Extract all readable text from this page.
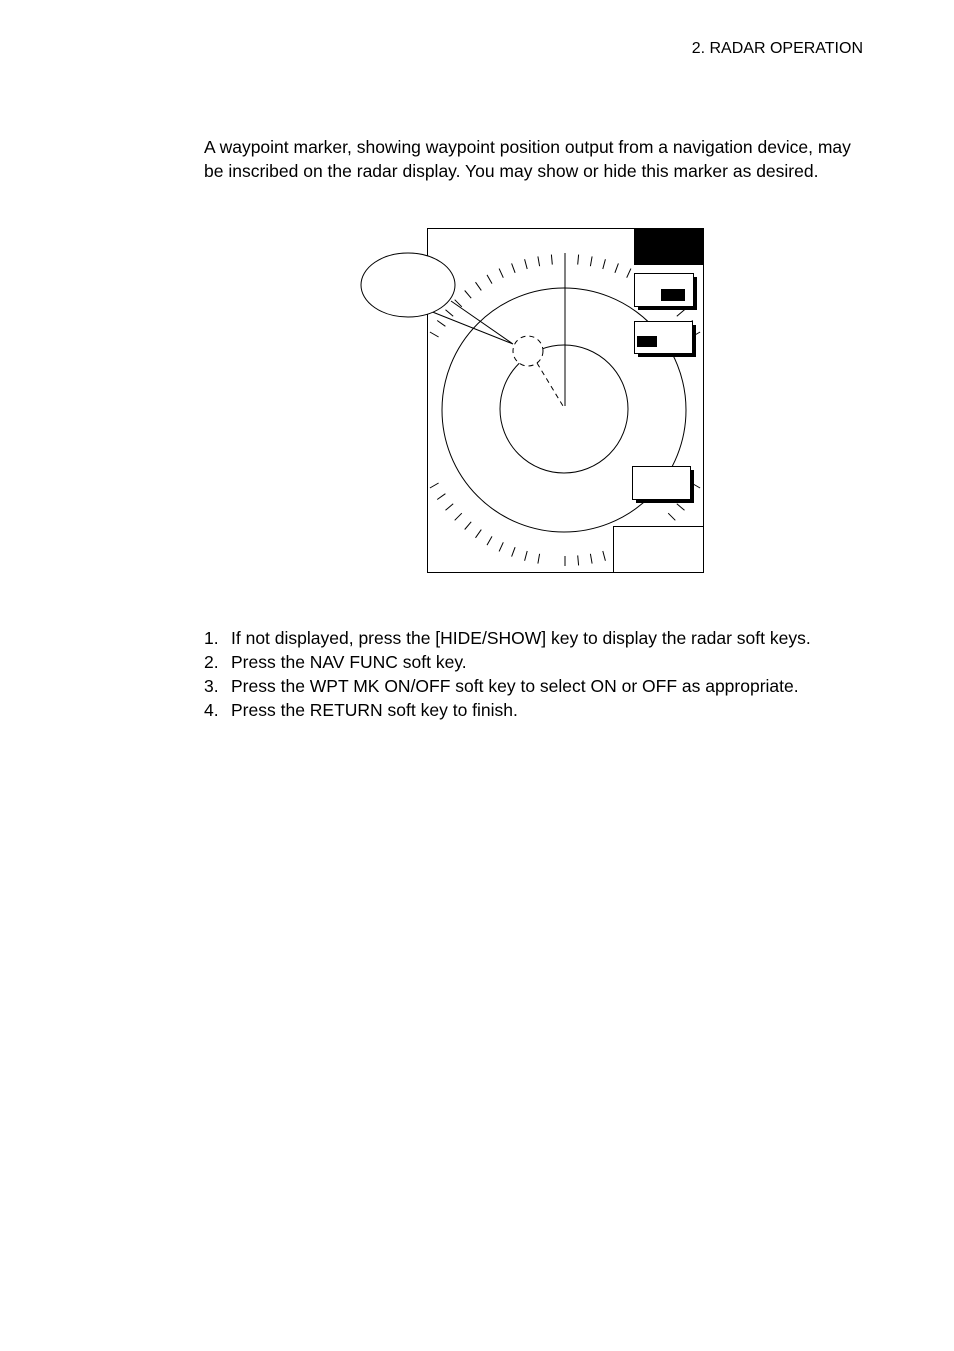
2. RADAR OPERATION

A waypoint marker, showing waypoint position output from a navigation device, may be inscribed on the radar display. You may show or hide this marker as desired.

1. If not displayed, press the [HIDE/SHOW] key to display the radar soft keys.
2. Press the NAV FUNC soft key.
3. Press the WPT MK ON/OFF soft key to select ON or OFF as appropriate.
4. Press the RETURN soft key to finish.
